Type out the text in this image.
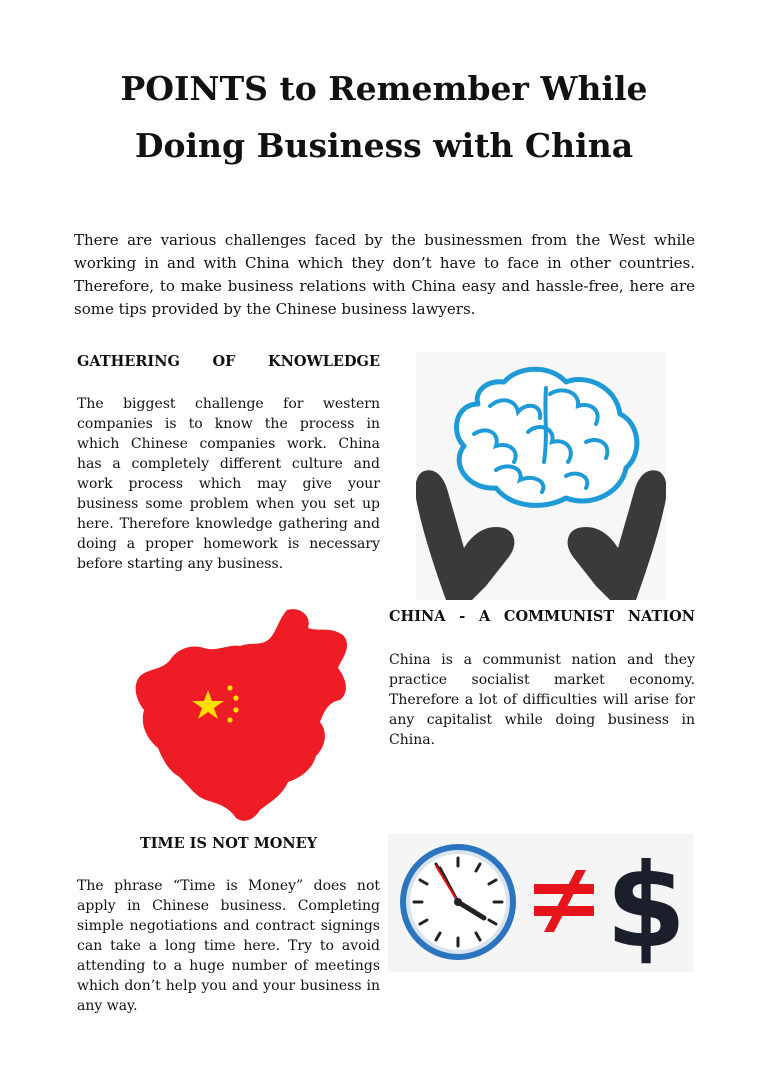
POINTS to Remember While Doing Business with China

There are various challenges faced by the businessmen from the West while working in and with China which they don’t have to face in other countries. Therefore, to make business relations with China easy and hassle-free, here are some tips provided by the Chinese business lawyers.

GATHERING OF KNOWLEDGE

The biggest challenge for western companies is to know the process in which Chinese companies work. China has a completely different culture and work process which may give your business some problem when you set up here. Therefore knowledge gathering and doing a proper homework is necessary before starting any business.

CHINA - A COMMUNIST NATION

China is a communist nation and they practice socialist market economy. Therefore a lot of difficulties will arise for any capitalist while doing business in China.

TIME IS NOT MONEY

The phrase “Time is Money” does not apply in Chinese business. Completing simple negotiations and contract signings can take a long time here. Try to avoid attending to a huge number of meetings which don’t help you and your business in any way.

$
